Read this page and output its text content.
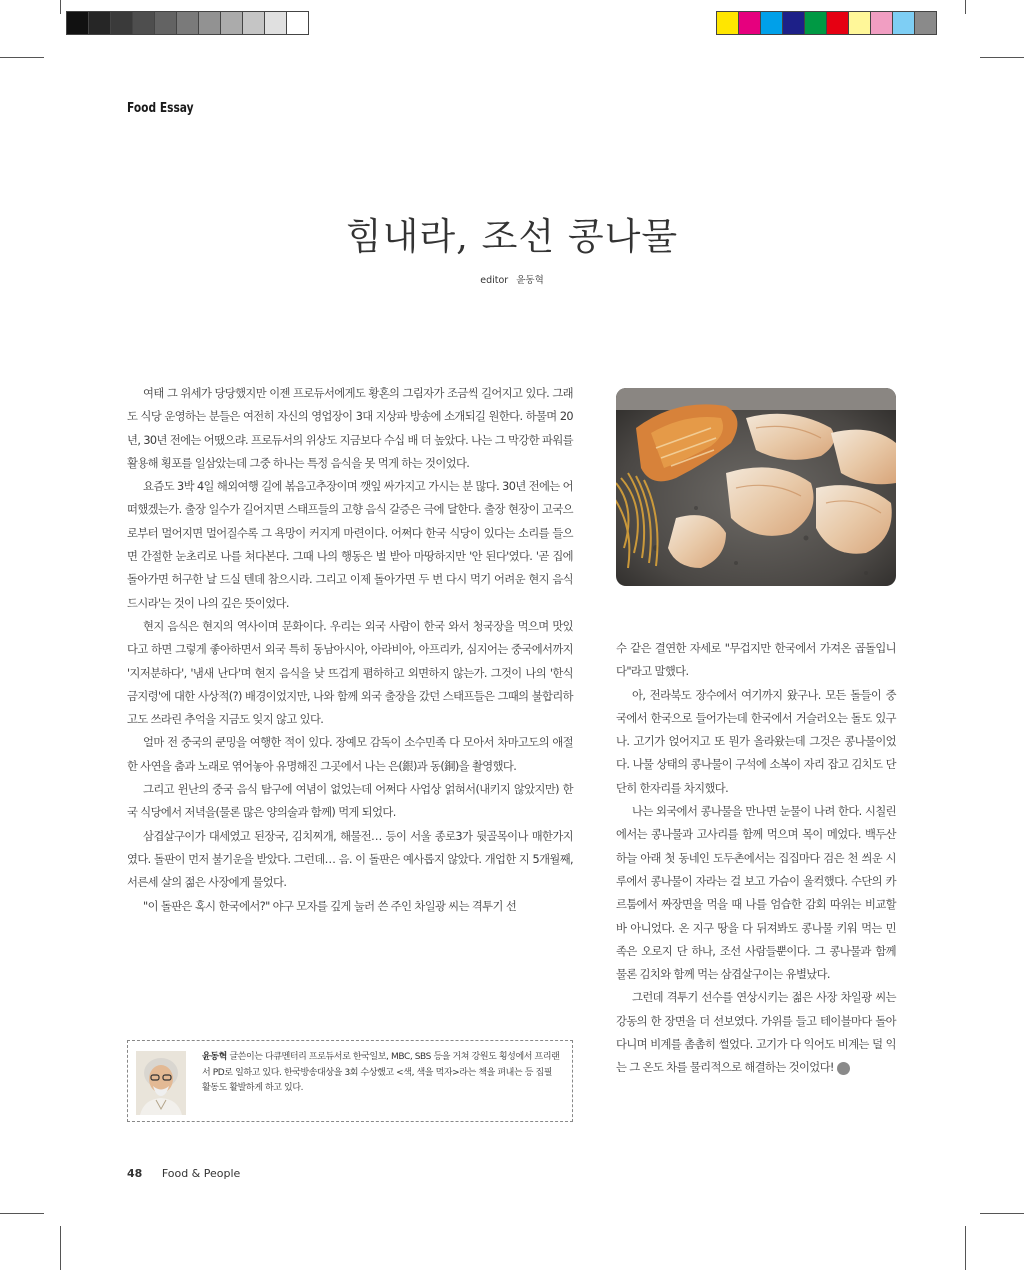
Food Essay
힘내라, 조선 콩나물
editor 윤동혁

여태 그 위세가 당당했지만 이젠 프로듀서에게도 황혼의 그림자가 조금씩 길어지고 있다. 그래도 식당 운영하는 분들은 여전히 자신의 영업장이 3대 지상파 방송에 소개되길 원한다. 하물며 20년, 30년 전에는 어땠으랴. 프로듀서의 위상도 지금보다 수십 배 더 높았다. 나는 그 막강한 파워를 활용해 횡포를 일삼았는데 그중 하나는 특정 음식을 못 먹게 하는 것이었다.

요즘도 3박 4일 해외여행 길에 볶음고추장이며 깻잎 싸가지고 가시는 분 많다. 30년 전에는 어떠했겠는가. 출장 일수가 길어지면 스태프들의 고향 음식 갈증은 극에 달한다. 출장 현장이 고국으로부터 멀어지면 멀어질수록 그 욕망이 커지게 마련이다. 어쩌다 한국 식당이 있다는 소리를 들으면 간절한 눈초리로 나를 쳐다본다. 그때 나의 행동은 벌 받아 마땅하지만 '안 된다'였다. '곧 집에 돌아가면 허구한 날 드실 텐데 참으시라. 그리고 이제 돌아가면 두 번 다시 먹기 어려운 현지 음식 드시라'는 것이 나의 깊은 뜻이었다.

현지 음식은 현지의 역사이며 문화이다. 우리는 외국 사람이 한국 와서 청국장을 먹으며 맛있다고 하면 그렇게 좋아하면서 외국 특히 동남아시아, 아라비아, 아프리카, 심지어는 중국에서까지 '지저분하다', '냄새 난다'며 현지 음식을 낮 뜨겁게 폄하하고 외면하지 않는가. 그것이 나의 '한식 금지령'에 대한 사상적(?) 배경이었지만, 나와 함께 외국 출장을 갔던 스태프들은 그때의 불합리하고도 쓰라린 추억을 지금도 잊지 않고 있다.

얼마 전 중국의 쿤밍을 여행한 적이 있다. 장예모 감독이 소수민족 다 모아서 차마고도의 애절한 사연을 춤과 노래로 엮어놓아 유명해진 그곳에서 나는 은(銀)과 동(銅)을 촬영했다.

그리고 윈난의 중국 음식 탐구에 여념이 없었는데 어쩌다 사업상 얽혀서(내키지 않았지만) 한국 식당에서 저녁을(물론 많은 양의술과 함께) 먹게 되었다.

삼겹살구이가 대세였고 된장국, 김치찌개, 해물전… 등이 서울 종로3가 뒷골목이나 매한가지였다. 돌판이 먼저 불기운을 받았다. 그런데… 음. 이 돌판은 예사롭지 않았다. 개업한 지 5개월째, 서른세 살의 젊은 사장에게 물었다.

"이 돌판은 혹시 한국에서?" 야구 모자를 깊게 눌러 쓴 주인 차일광 씨는 격투기 선

수 같은 결연한 자세로 "무겁지만 한국에서 가져온 곱돌입니다"라고 말했다.

아, 전라북도 장수에서 여기까지 왔구나. 모든 돌들이 중국에서 한국으로 들어가는데 한국에서 거슬러오는 돌도 있구나. 고기가 얹어지고 또 뭔가 올라왔는데 그것은 콩나물이었다. 나물 상태의 콩나물이 구석에 소복이 자리 잡고 김치도 단단히 한자리를 차지했다.

나는 외국에서 콩나물을 만나면 눈물이 나려 한다. 시칠린에서는 콩나물과 고사리를 함께 먹으며 목이 메었다. 백두산 하늘 아래 첫 동네인 도두촌에서는 집집마다 검은 천 씌운 시루에서 콩나물이 자라는 걸 보고 가슴이 울컥했다. 수단의 카르툼에서 짜장면을 먹을 때 나를 엄습한 감회 따위는 비교할 바 아니었다. 온 지구 땅을 다 뒤져봐도 콩나물 키워 먹는 민족은 오로지 단 하나, 조선 사람들뿐이다. 그 콩나물과 함께 물론 김치와 함께 먹는 삼겹살구이는 유별났다.

그런데 격투기 선수를 연상시키는 젊은 사장 차일광 씨는 강동의 한 장면을 더 선보였다. 가위를 들고 테이블마다 돌아다니며 비계를 촘촘히 썰었다. 고기가 다 익어도 비계는 덜 익는 그 온도 차를 물리적으로 해결하는 것이었다! F

윤동혁 글쓴이는 다큐멘터리 프로듀서로 한국일보, MBC, SBS 등을 거쳐 강원도 횡성에서 프리랜서 PD로 일하고 있다. 한국방송대상을 3회 수상했고 <색, 색을 먹자>라는 책을 펴내는 등 집필 활동도 활발하게 하고 있다.
48 Food & People
